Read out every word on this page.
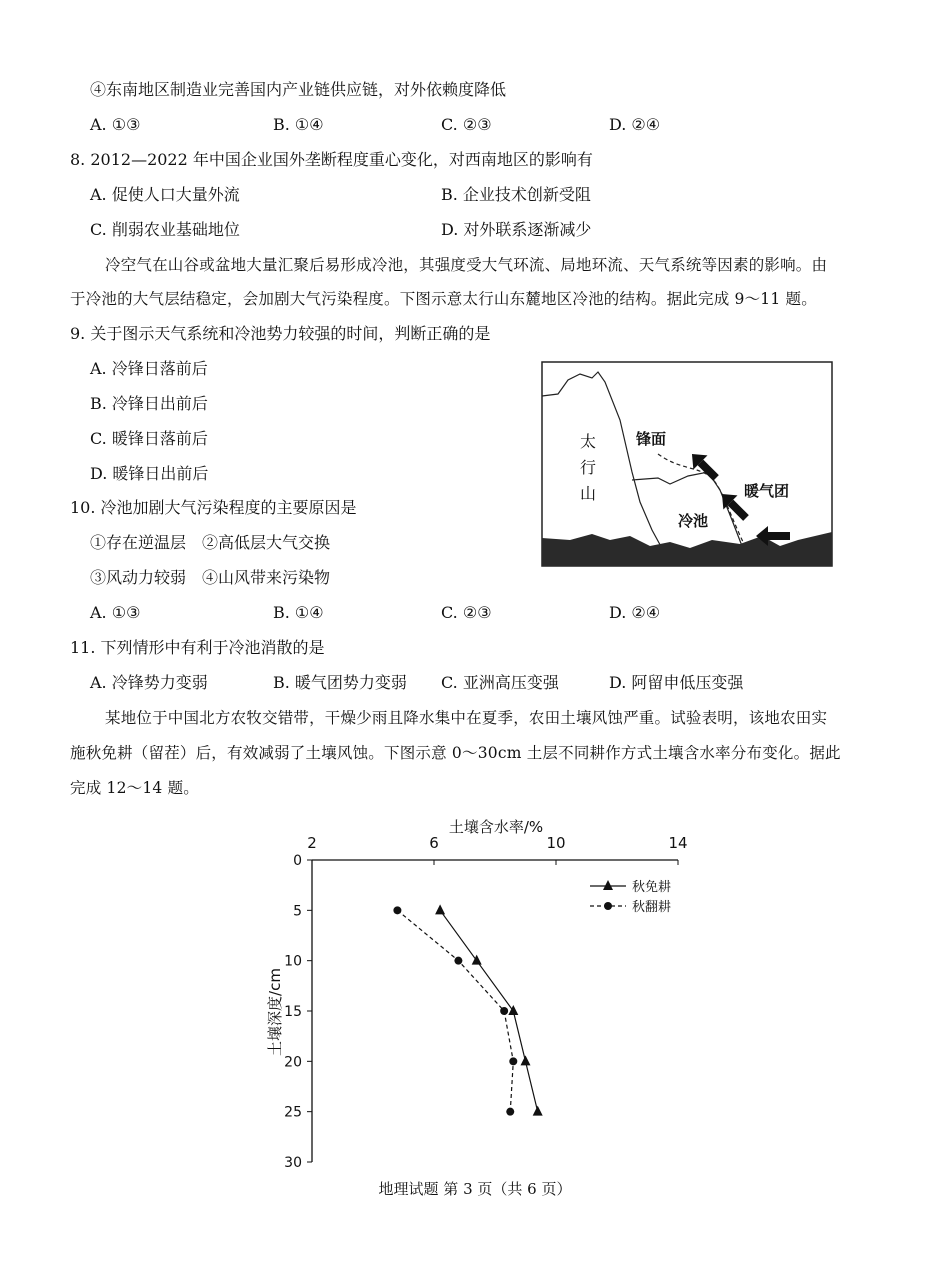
④东南地区制造业完善国内产业链供应链，对外依赖度降低
A. ①③	B. ①④	C. ②③	D. ②④
8. 2012—2022 年中国企业国外垄断程度重心变化，对西南地区的影响有
A. 促使人口大量外流	B. 企业技术创新受阻
C. 削弱农业基础地位	D. 对外联系逐渐减少
冷空气在山谷或盆地大量汇聚后易形成冷池，其强度受大气环流、局地环流、天气系统等因素的影响。由
于冷池的大气层结稳定，会加剧大气污染程度。下图示意太行山东麓地区冷池的结构。据此完成 9～11 题。
9. 关于图示天气系统和冷池势力较强的时间，判断正确的是
A. 冷锋日落前后
B. 冷锋日出前后
C. 暖锋日落前后
D. 暖锋日出前后
太
行
山
锋面
暖气团
冷池
10. 冷池加剧大气污染程度的主要原因是
①存在逆温层　②高低层大气交换
③风动力较弱　④山风带来污染物
A. ①③	B. ①④	C. ②③	D. ②④
11. 下列情形中有利于冷池消散的是
A. 冷锋势力变弱	B. 暖气团势力变弱 C. 亚洲高压变强	D. 阿留申低压变强
某地位于中国北方农牧交错带，干燥少雨且降水集中在夏季，农田土壤风蚀严重。试验表明，该地农田实
施秋免耕（留茬）后，有效减弱了土壤风蚀。下图示意 0～30cm 土层不同耕作方式土壤含水率分布变化。据此
完成 12～14 题。
2	6	10	14
0
5
10
15
20
25
30
秋免耕
秋翻耕
土壤含水率/%
土壤深度/cm
地理试题 第 3 页（共 6 页）
